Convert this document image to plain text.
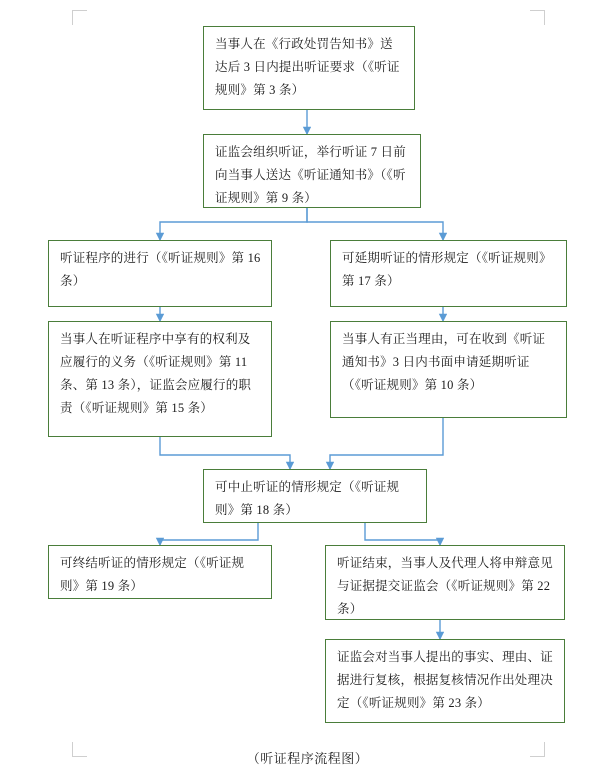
当事人在《行政处罚告知书》送达后 3 日内提出听证要求（《听证规则》第 3 条）
证监会组织听证，举行听证 7 日前向当事人送达《听证通知书》（《听证规则》第 9 条）
听证程序的进行（《听证规则》第 16 条）
可延期听证的情形规定（《听证规则》第 17 条）
当事人在听证程序中享有的权利及应履行的义务（《听证规则》第 11 条、第 13 条），证监会应履行的职责（《听证规则》第 15 条）
当事人有正当理由，可在收到《听证通知书》3 日内书面申请延期听证（《听证规则》第 10 条）
可中止听证的情形规定（《听证规则》第 18 条）
可终结听证的情形规定（《听证规则》第 19 条）
听证结束，当事人及代理人将申辩意见与证据提交证监会（《听证规则》第 22 条）
证监会对当事人提出的事实、理由、证据进行复核，根据复核情况作出处理决定（《听证规则》第 23 条）
（听证程序流程图）
